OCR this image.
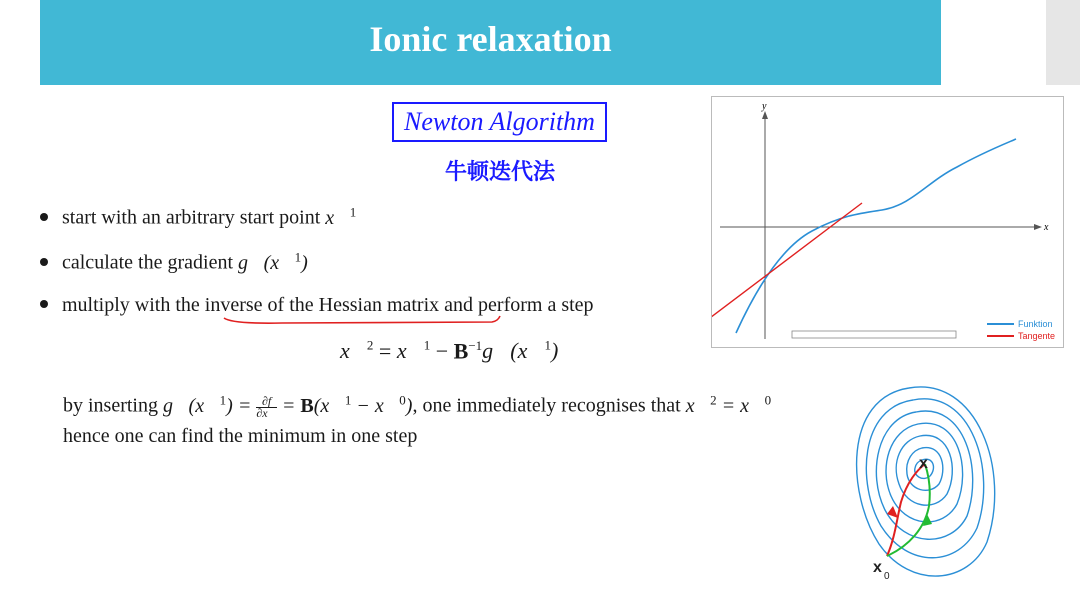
Ionic relaxation
Newton Algorithm
牛顿迭代法
start with an arbitrary start point x⃗$^1$
calculate the gradient g⃗(x⃗$^1$)
multiply with the inverse of the Hessian matrix and perform a step
x⃗$^2$ = x⃗$^1$ − $B^{-1}g⃗(x⃗^1)$
by inserting g⃗(x⃗$^1$) = $\frac{\partial f}{\partial x⃗}$ = B(x⃗$^1$ − x⃗$^0$), one immediately recognises that x⃗$^2$ = x⃗$^0$
hence one can find the minimum in one step
y
x
Funktion
Tangente
x
x
0
